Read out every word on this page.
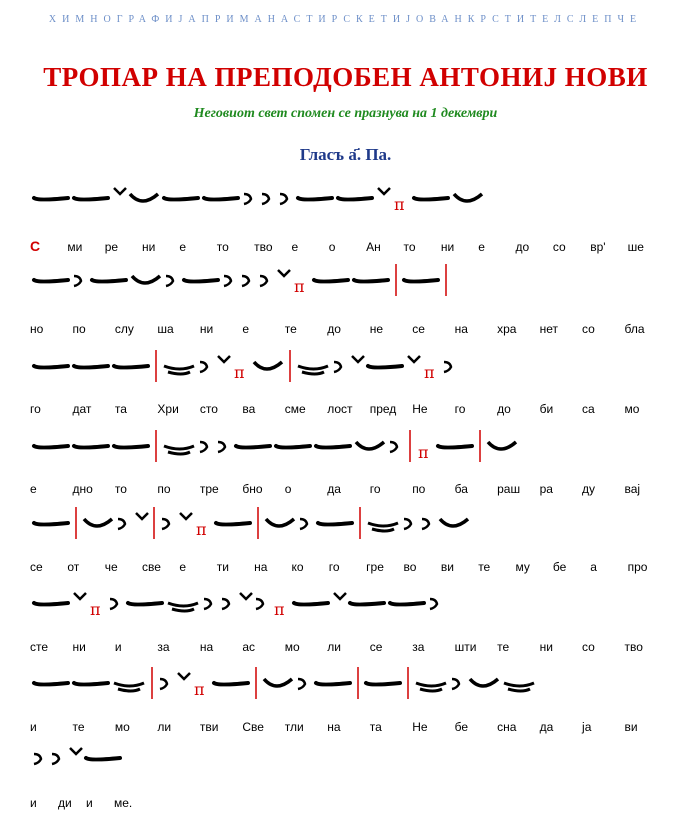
ХИМНОГРАФИЈАПРИМАНАСТИРСКЕТИЈОВАНКРСТИТЕЛСЛЕПЧЕ
ТРОПАР НА ПРЕПОДОБЕН АНТОНИЈ НОВИ
Неговиот свет спомен се празнува на 1 декември
Гласъ а҃. Па.
π
π
π	π
π
π
π	π
π
С ми ре ни е	то тво е	о	Ан то ни е	до со вр' ше
но по слу ша ни е	те	до не се на хра нет со бла
го	дат та	Хри сто ва сме лост пред Не го	до би са мо
е	дно то	по тре бно о	да го	по ба раш ра ду вај
се от че све е	ти на ко го гре во ви те му бе а	про
сте ни и	за	на ас мо ли се за	шти те	ни со тво
и	те	мо ли тви Све тли на та	Не бе сна да ја	ви
и ди и ме.
